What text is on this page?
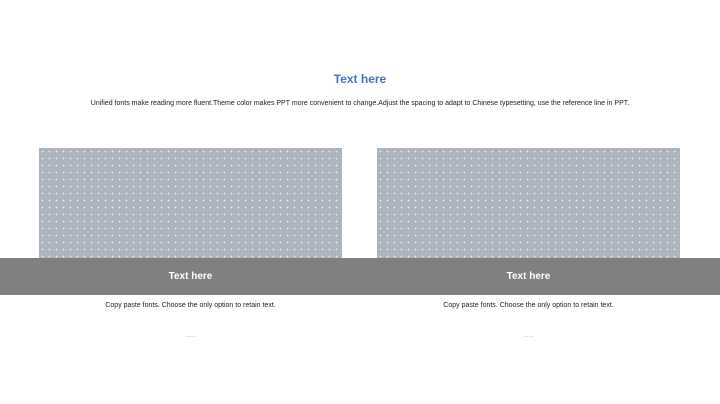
Text here
Unified fonts make reading more fluent.Theme color makes PPT more convenient to change.Adjust the spacing to adapt to Chinese typesetting, use the reference line in PPT.
Text here	Text here
Copy paste fonts. Choose the only option to retain text.	Copy paste fonts. Choose the only option to retain text.
……	……
